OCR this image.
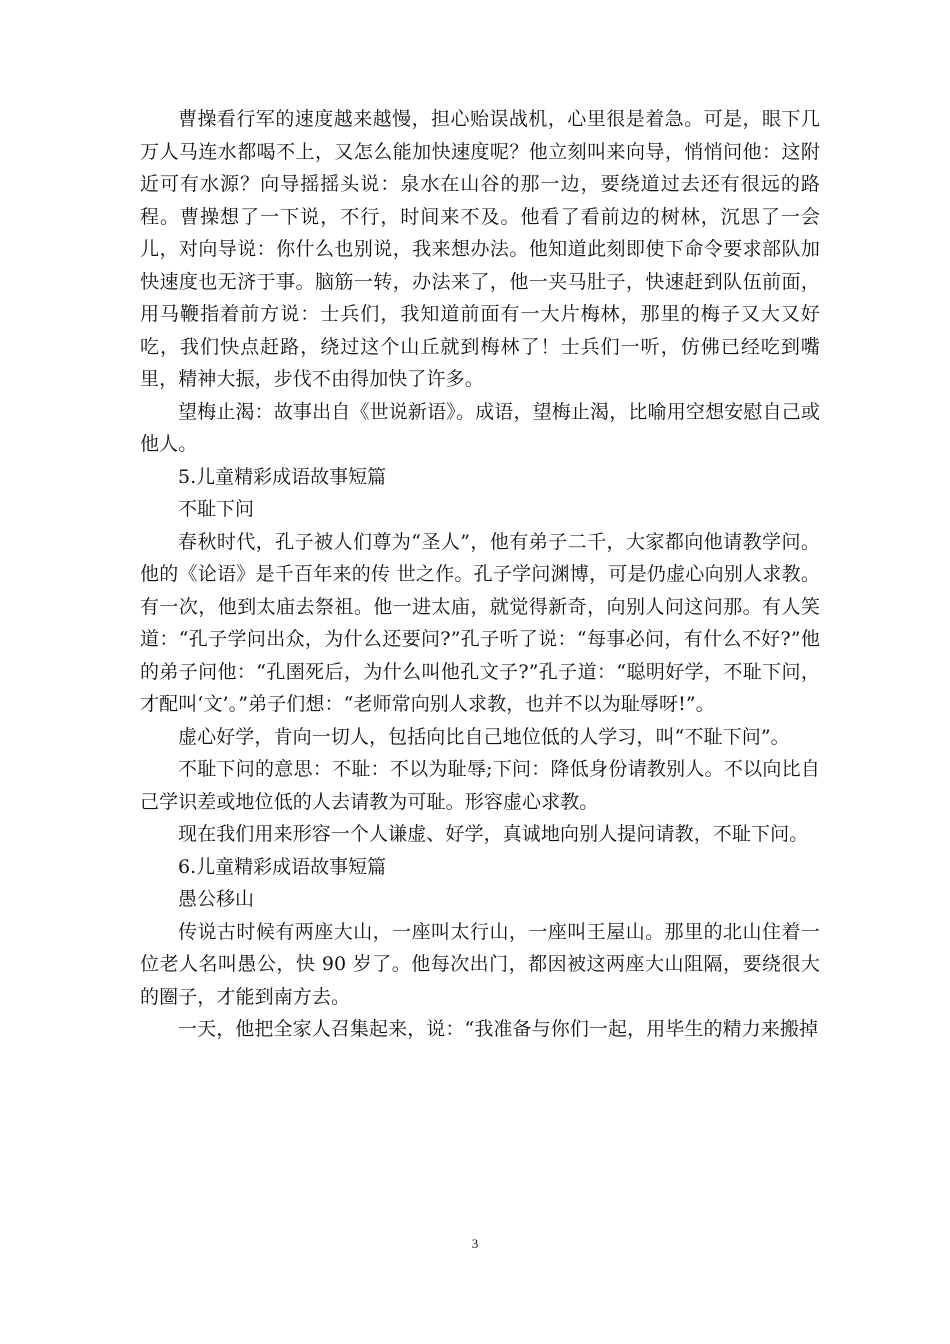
曹操看行军的速度越来越慢，担心贻误战机，心里很是着急。可是，眼下几万人马连水都喝不上，又怎么能加快速度呢？他立刻叫来向导，悄悄问他：这附近可有水源？向导摇摇头说：泉水在山谷的那一边，要绕道过去还有很远的路程。曹操想了一下说，不行，时间来不及。他看了看前边的树林，沉思了一会儿，对向导说：你什么也别说，我来想办法。他知道此刻即使下命令要求部队加快速度也无济于事。脑筋一转，办法来了，他一夹马肚子，快速赶到队伍前面，用马鞭指着前方说：士兵们，我知道前面有一大片梅林，那里的梅子又大又好吃，我们快点赶路，绕过这个山丘就到梅林了！士兵们一听，仿佛已经吃到嘴里，精神大振，步伐不由得加快了许多。

望梅止渴：故事出自《世说新语》。成语，望梅止渴，比喻用空想安慰自己或他人。

5.儿童精彩成语故事短篇

不耻下问

春秋时代，孔子被人们尊为“圣人”，他有弟子二千，大家都向他请教学问。他的《论语》是千百年来的传 世之作。孔子学问渊博，可是仍虚心向别人求教。有一次，他到太庙去祭祖。他一进太庙，就觉得新奇，向别人问这问那。有人笑道：“孔子学问出众，为什么还要问?”孔子听了说：“每事必问，有什么不好?”他的弟子问他：“孔圉死后，为什么叫他孔文子?”孔子道：“聪明好学，不耻下问，才配叫‘文’。”弟子们想：“老师常向别人求教，也并不以为耻辱呀!”。

虚心好学，肯向一切人，包括向比自己地位低的人学习，叫“不耻下问”。

不耻下问的意思：不耻：不以为耻辱;下问：降低身份请教别人。不以向比自己学识差或地位低的人去请教为可耻。形容虚心求教。

现在我们用来形容一个人谦虚、好学，真诚地向别人提问请教，不耻下问。

6.儿童精彩成语故事短篇

愚公移山

传说古时候有两座大山，一座叫太行山，一座叫王屋山。那里的北山住着一位老人名叫愚公，快 90 岁了。他每次出门，都因被这两座大山阻隔，要绕很大的圈子，才能到南方去。

一天，他把全家人召集起来，说：“我准备与你们一起，用毕生的精力来搬掉

3
